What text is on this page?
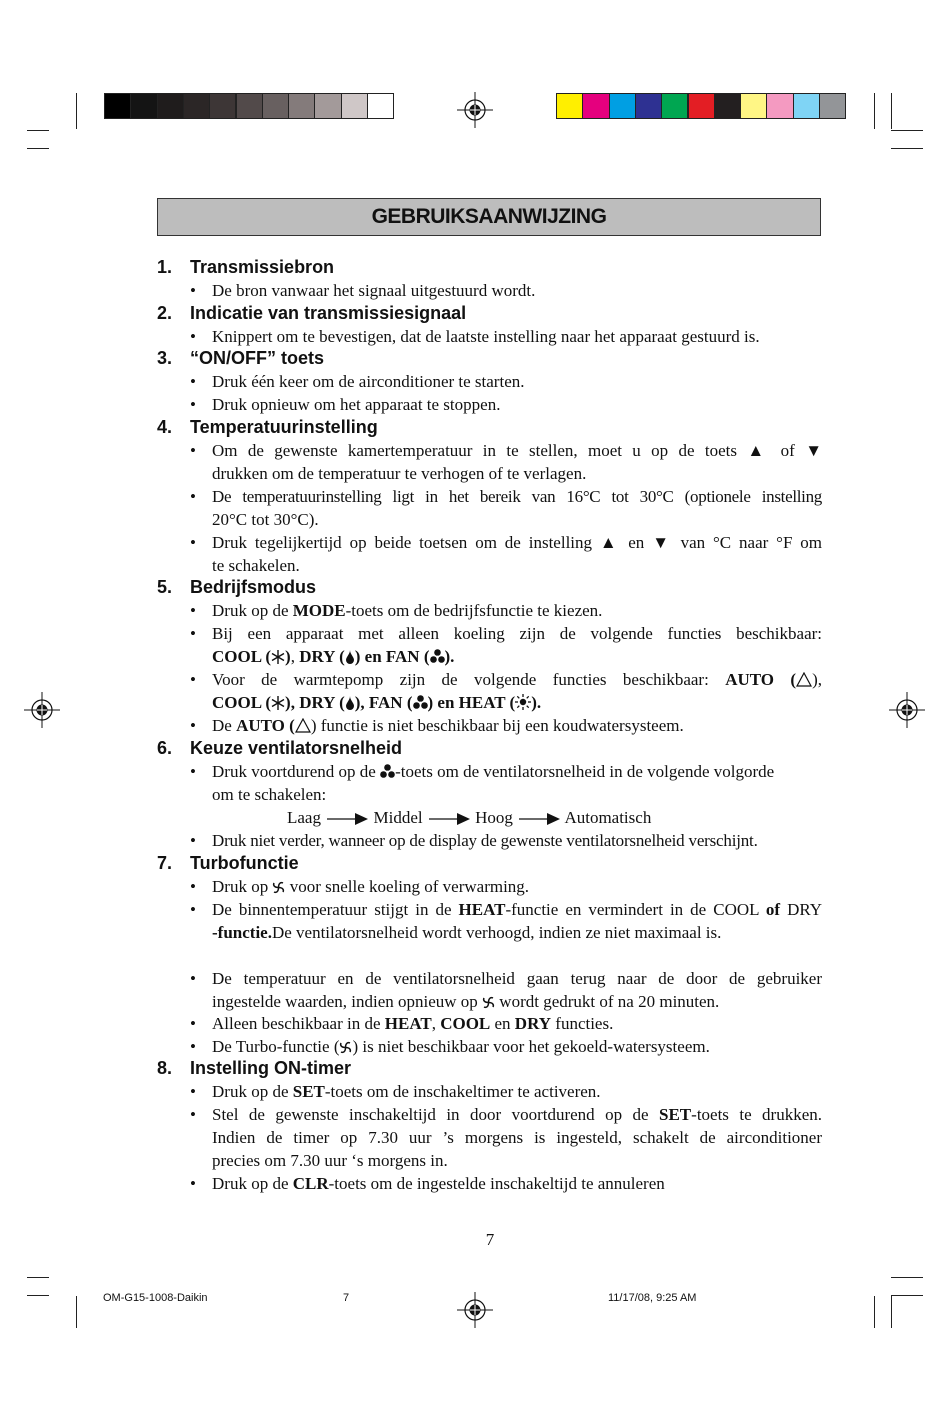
GEBRUIKSAANWIJZING
1. Transmissiebron
• De bron vanwaar het signaal uitgestuurd wordt.
2. Indicatie van transmissiesignaal
• Knippert om te bevestigen, dat de laatste instelling naar het apparaat gestuurd is.
3. “ON/OFF” toets
• Druk één keer om de airconditioner te starten.
• Druk opnieuw om het apparaat te stoppen.
4. Temperatuurinstelling
• Om de gewenste kamertemperatuur in te stellen, moet u op de toets ▲ of ▼
drukken om de temperatuur te verhogen of te verlagen.
• De temperatuurinstelling ligt in het bereik van 16°C tot 30°C (optionele instelling
20°C tot 30°C).
• Druk tegelijkertijd op beide toetsen om de instelling ▲ en ▼ van °C naar °F om
te schakelen.
5. Bedrijfsmodus
• Druk op de MODE-toets om de bedrijfsfunctie te kiezen.
• Bij een apparaat met alleen koeling zijn de volgende functies beschikbaar:
COOL ( ), DRY ( ) en FAN ( ).
• Voor de warmtepomp zijn de volgende functies beschikbaar: AUTO ( ),
COOL ( ), DRY ( ), FAN ( ) en HEAT ( ).
• De AUTO ( ) functie is niet beschikbaar bij een koudwatersysteem.
6. Keuze ventilatorsnelheid
• Druk voortdurend op de -toets om de ventilatorsnelheid in de volgende volgorde
om te schakelen:
Laag	Middel	Hoog	Automatisch
• Druk niet verder, wanneer op de display de gewenste ventilatorsnelheid verschijnt.
7. Turbofunctie
• Druk op voor snelle koeling of verwarming.
• De binnentemperatuur stijgt in de HEAT-functie en vermindert in de COOL of DRY
-functie.De ventilatorsnelheid wordt verhoogd, indien ze niet maximaal is.
• De temperatuur en de ventilatorsnelheid gaan terug naar de door de gebruiker
ingestelde waarden, indien opnieuw op wordt gedrukt of na 20 minuten.
• Alleen beschikbaar in de HEAT, COOL en DRY functies.
• De Turbo-functie ( ) is niet beschikbaar voor het gekoeld-watersysteem.
8. Instelling ON-timer
• Druk op de SET-toets om de inschakeltimer te activeren.
• Stel de gewenste inschakeltijd in door voortdurend op de SET-toets te drukken.
Indien de timer op 7.30 uur ’s morgens is ingesteld, schakelt de airconditioner
precies om 7.30 uur ‘s morgens in.
• Druk op de CLR-toets om de ingestelde inschakeltijd te annuleren
7
OM-G15-1008-Daikin	7	11/17/08, 9:25 AM
